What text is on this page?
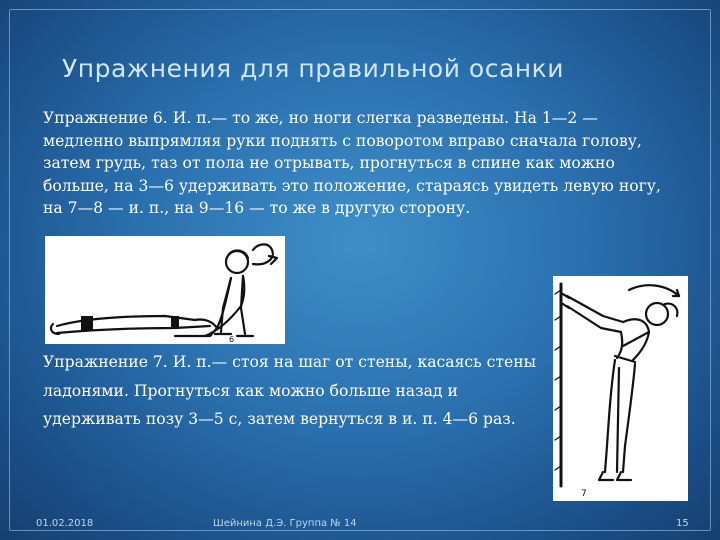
Упражнения для правильной осанки
Упражнение 6. И. п.— то же, но ноги слегка разведены. На 1—2 — медленно выпрямляя руки поднять с поворотом вправо сначала голову, затем грудь, таз от пола не отрывать, прогнуться в спине как можно больше, на 3—6 удерживать это положение, стараясь увидеть левую ногу, на 7—8 — и. п., на 9—16 — то же в другую сторону.
6
7
Упражнение 7. И. п.— стоя на шаг от стены, касаясь стены ладонями. Прогнуться как можно больше назад и удерживать позу 3—5 с, затем вернуться в и. п. 4—6 раз.
01.02.2018	Шейнина Д.Э. Группа № 14	15
